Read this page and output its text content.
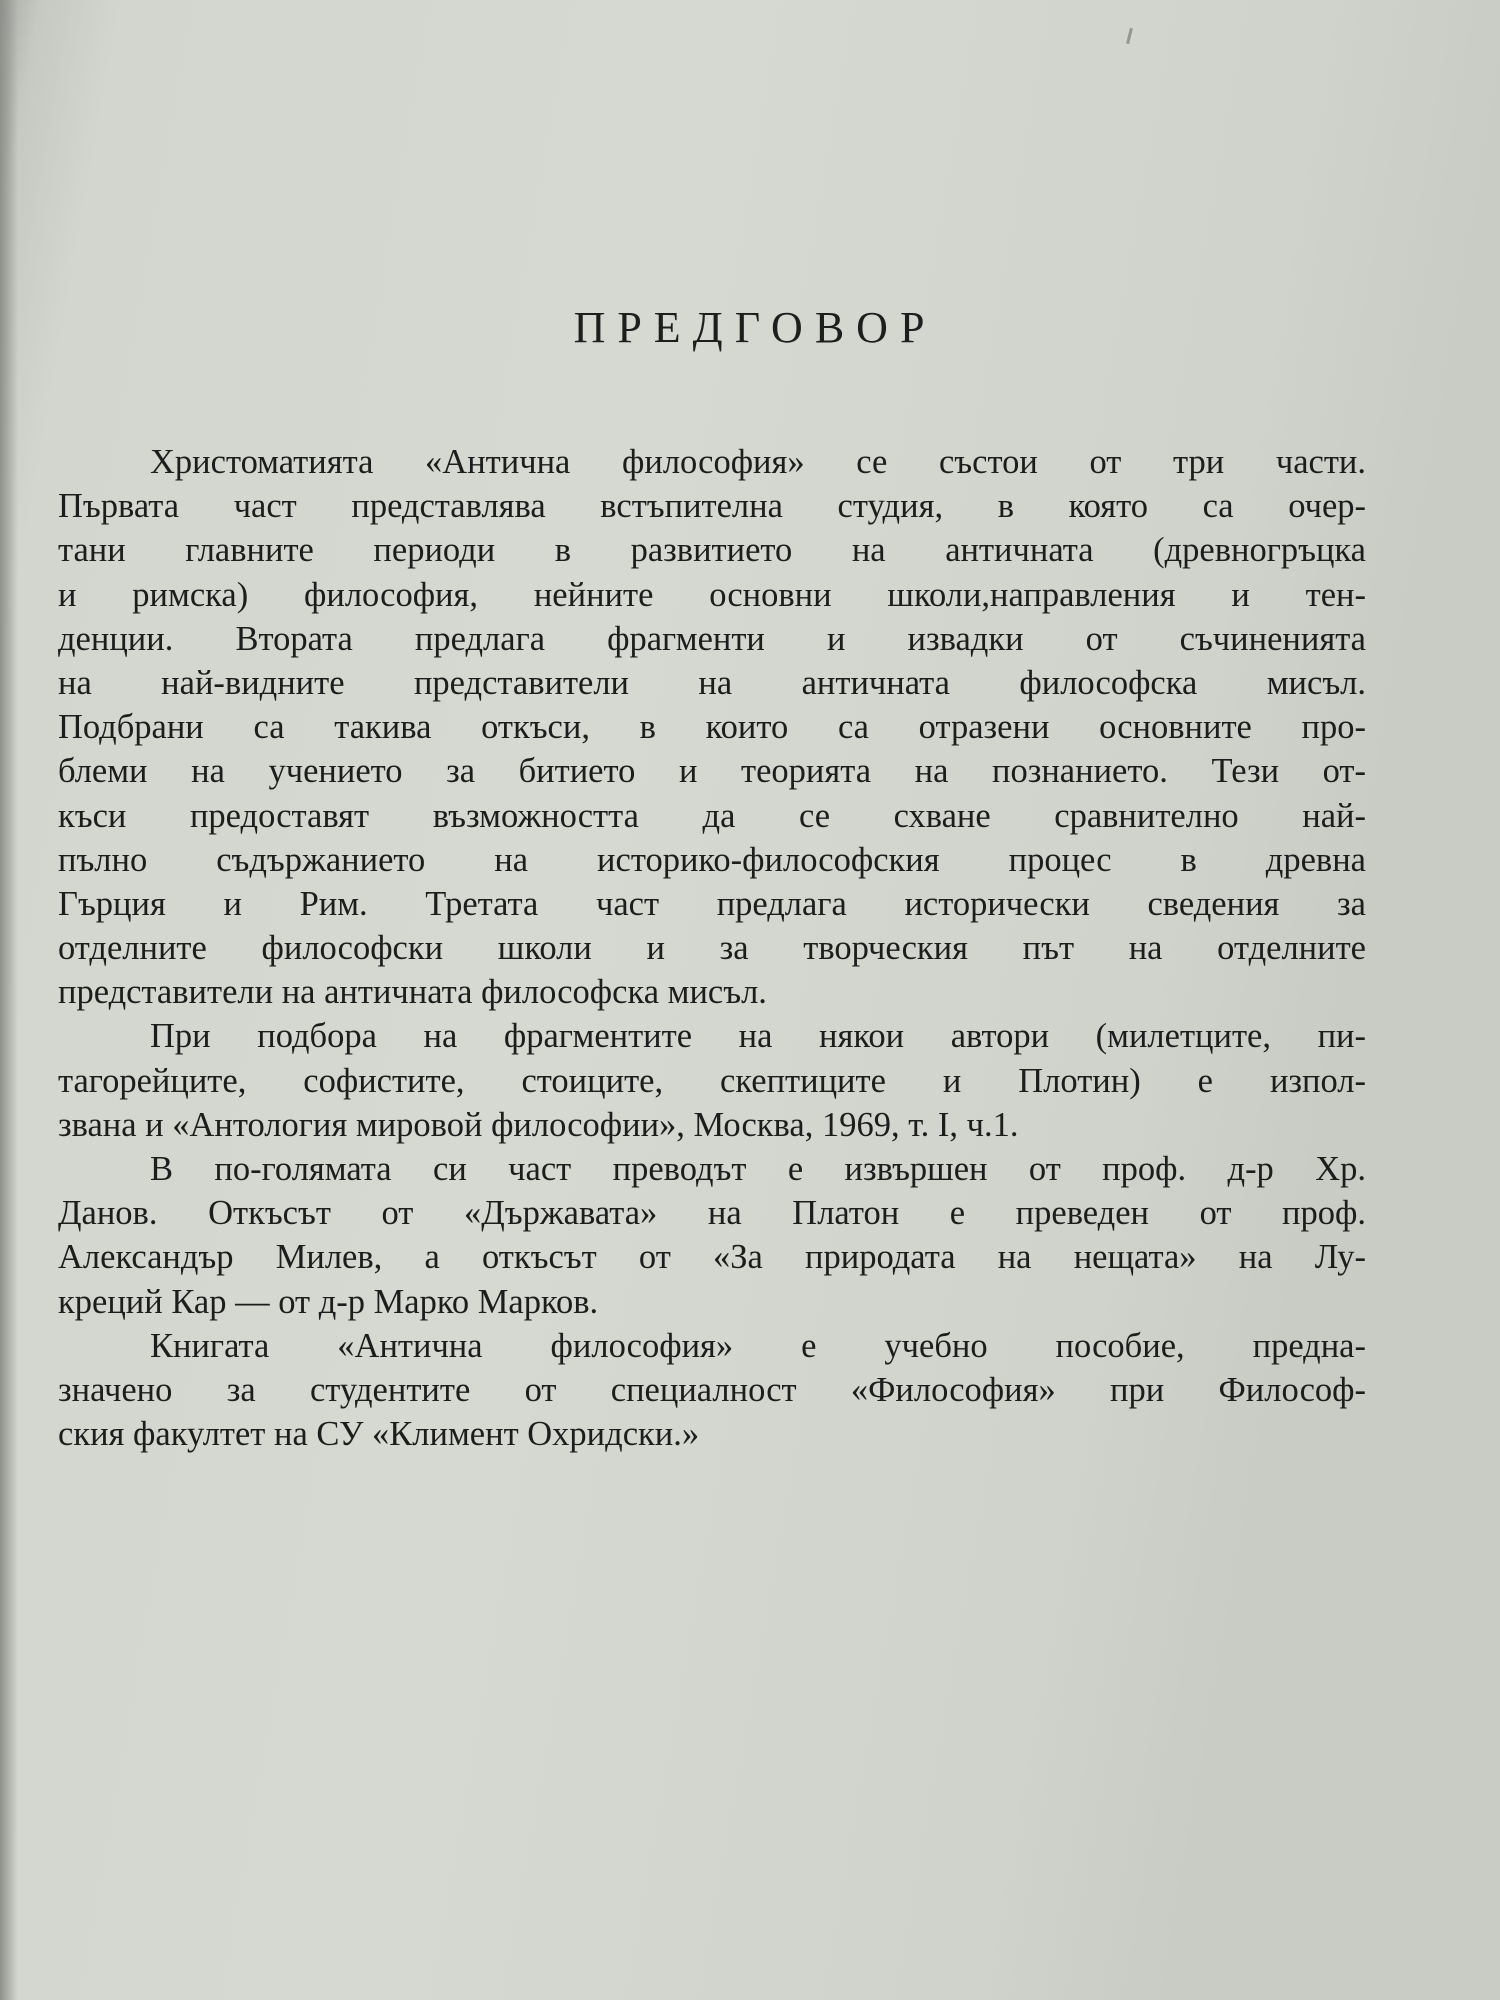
ПРЕДГОВОР

Христоматията «Антична философия» се състои от три части.
Първата част представлява встъпителна студия, в която са очер-
тани главните периоди в развитието на античната (древногръцка
и римска) философия, нейните основни школи,направления и тен-
денции. Втората предлага фрагменти и извадки от съчиненията
на най-видните представители на античната философска мисъл.
Подбрани са такива откъси, в които са отразени основните про-
блеми на учението за битието и теорията на познанието. Тези от-
къси предоставят възможността да се схване сравнително най-
пълно съдържанието на историко-философския процес в древна
Гърция и Рим. Третата част предлага исторически сведения за
отделните философски школи и за творческия път на отделните
представители на античната философска мисъл.

При подбора на фрагментите на някои автори (милетците, пи-
тагорейците, софистите, стоиците, скептиците и Плотин) е изпол-
звана и «Антология мировой философии», Москва, 1969, т. I, ч.1.

В по-голямата си част преводът е извършен от проф. д-р Хр.
Данов. Откъсът от «Държавата» на Платон е преведен от проф.
Александър Милев, а откъсът от «За природата на нещата» на Лу-
креций Кар — от д-р Марко Марков.

Книгата «Антична философия» е учебно пособие, предна-
значено за студентите от специалност «Философия» при Философ-
ския факултет на СУ «Климент Охридски.»
